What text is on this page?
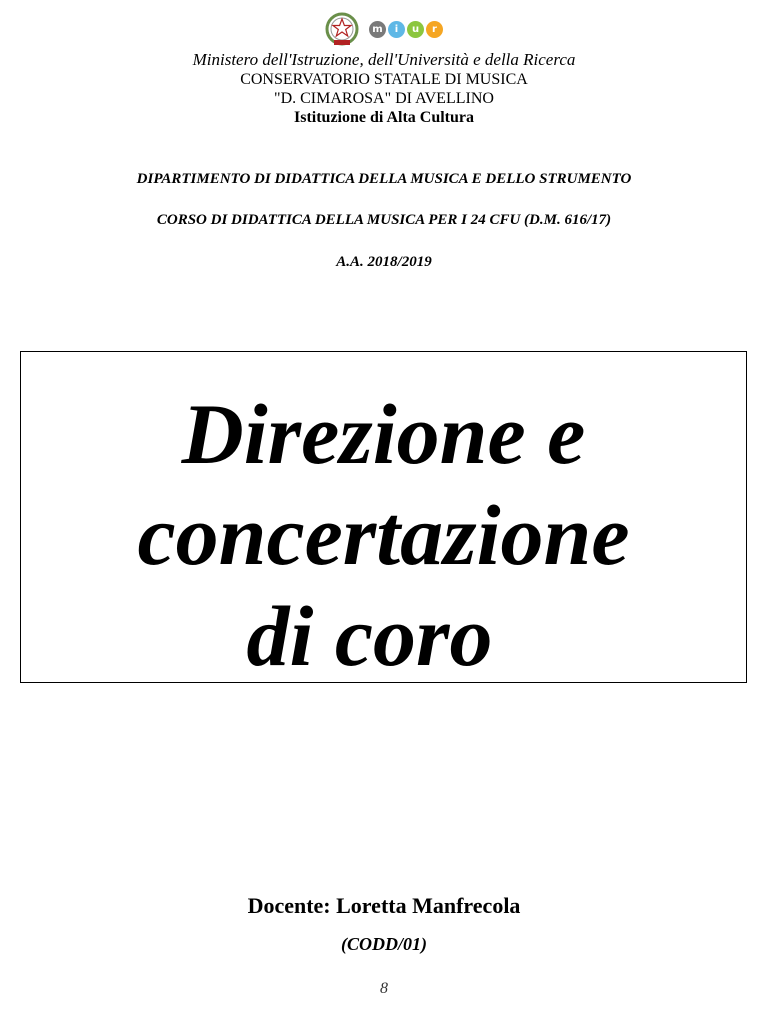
m	i	u	r
Ministero dell'Istruzione, dell'Università e della Ricerca
CONSERVATORIO STATALE DI MUSICA
"D. CIMAROSA" DI AVELLINO
Istituzione di Alta Cultura
DIPARTIMENTO DI DIDATTICA DELLA MUSICA E DELLO STRUMENTO
CORSO DI DIDATTICA DELLA MUSICA PER I 24 CFU (D.M. 616/17)
A.A. 2018/2019
Direzione e
concertazione
di coro
Docente: Loretta Manfrecola
(CODD/01)
8
